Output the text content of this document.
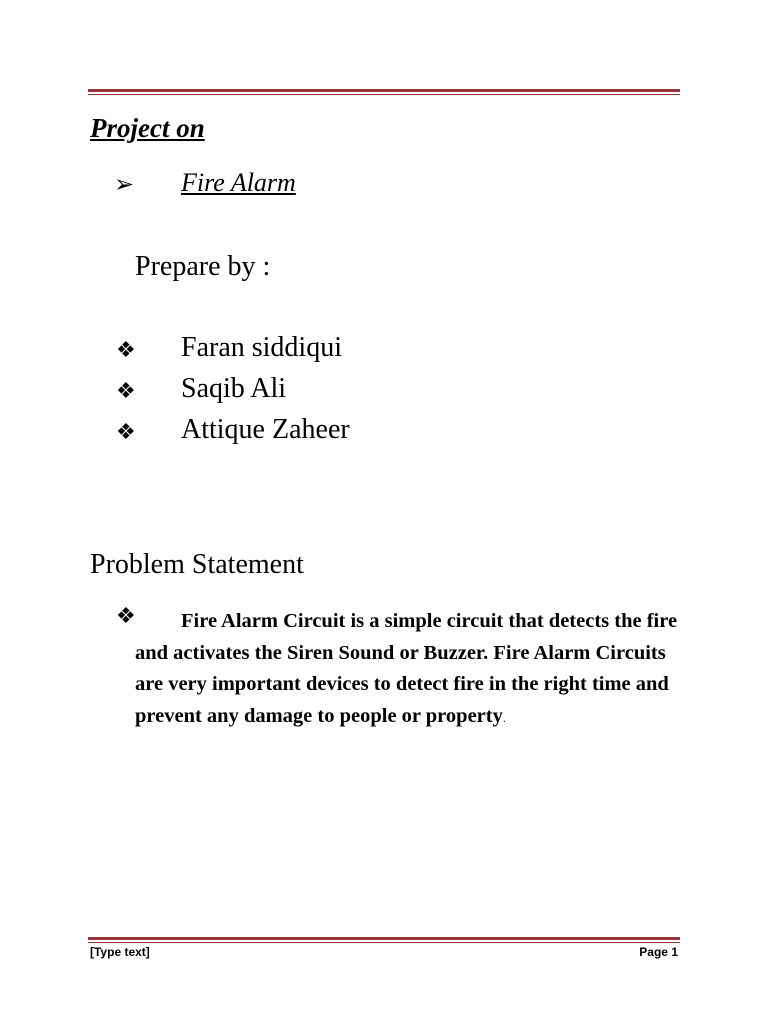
Project on
➢ Fire Alarm
Prepare by :
❖ Faran siddiqui
❖ Saqib Ali
❖ Attique Zaheer
Problem Statement
❖	Fire Alarm Circuit is a simple circuit that detects the fire and activates the Siren Sound or Buzzer. Fire Alarm Circuits are very important devices to detect fire in the right time and prevent any damage to people or property.
[Type text]	Page 1
